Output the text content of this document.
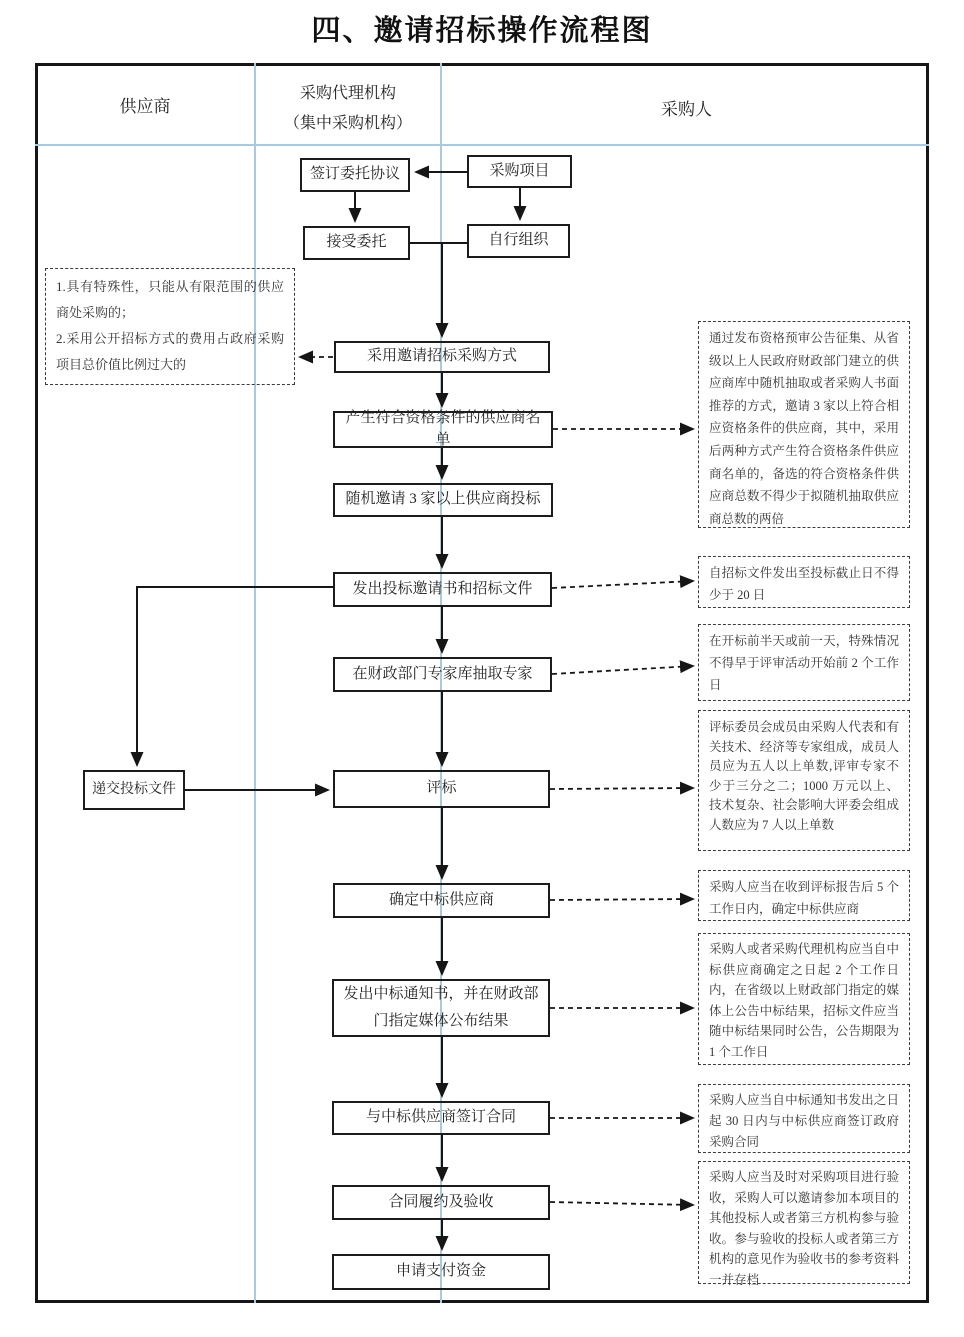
四、邀请招标操作流程图
供应商
采购代理机构
（集中采购机构）
采购人
签订委托协议	采购项目
接受委托	自行组织
采用邀请招标采购方式
产生符合资格条件的供应商名单
随机邀请 3 家以上供应商投标
发出投标邀请书和招标文件
在财政部门专家库抽取专家
递交投标文件	评标
确定中标供应商
发出中标通知书，并在财政部门指定媒体公布结果
与中标供应商签订合同
合同履约及验收
申请支付资金
1.具有特殊性，只能从有限范围的供应商处采购的；
2.采用公开招标方式的费用占政府采购项目总价值比例过大的
通过发布资格预审公告征集、从省级以上人民政府财政部门建立的供应商库中随机抽取或者采购人书面推荐的方式，邀请 3 家以上符合相应资格条件的供应商，其中，采用后两种方式产生符合资格条件供应商名单的，备选的符合资格条件供应商总数不得少于拟随机抽取供应商总数的两倍
自招标文件发出至投标截止日不得少于 20 日
在开标前半天或前一天，特殊情况不得早于评审活动开始前 2 个工作日
评标委员会成员由采购人代表和有关技术、经济等专家组成，成员人员应为五人以上单数,评审专家不少于三分之二；1000 万元以上、技术复杂、社会影响大评委会组成人数应为 7 人以上单数
采购人应当在收到评标报告后 5 个工作日内，确定中标供应商
采购人或者采购代理机构应当自中标供应商确定之日起 2 个工作日内，在省级以上财政部门指定的媒体上公告中标结果，招标文件应当随中标结果同时公告，公告期限为 1 个工作日
采购人应当自中标通知书发出之日起 30 日内与中标供应商签订政府采购合同
采购人应当及时对采购项目进行验收，采购人可以邀请参加本项目的其他投标人或者第三方机构参与验收。参与验收的投标人或者第三方机构的意见作为验收书的参考资料一并存档
